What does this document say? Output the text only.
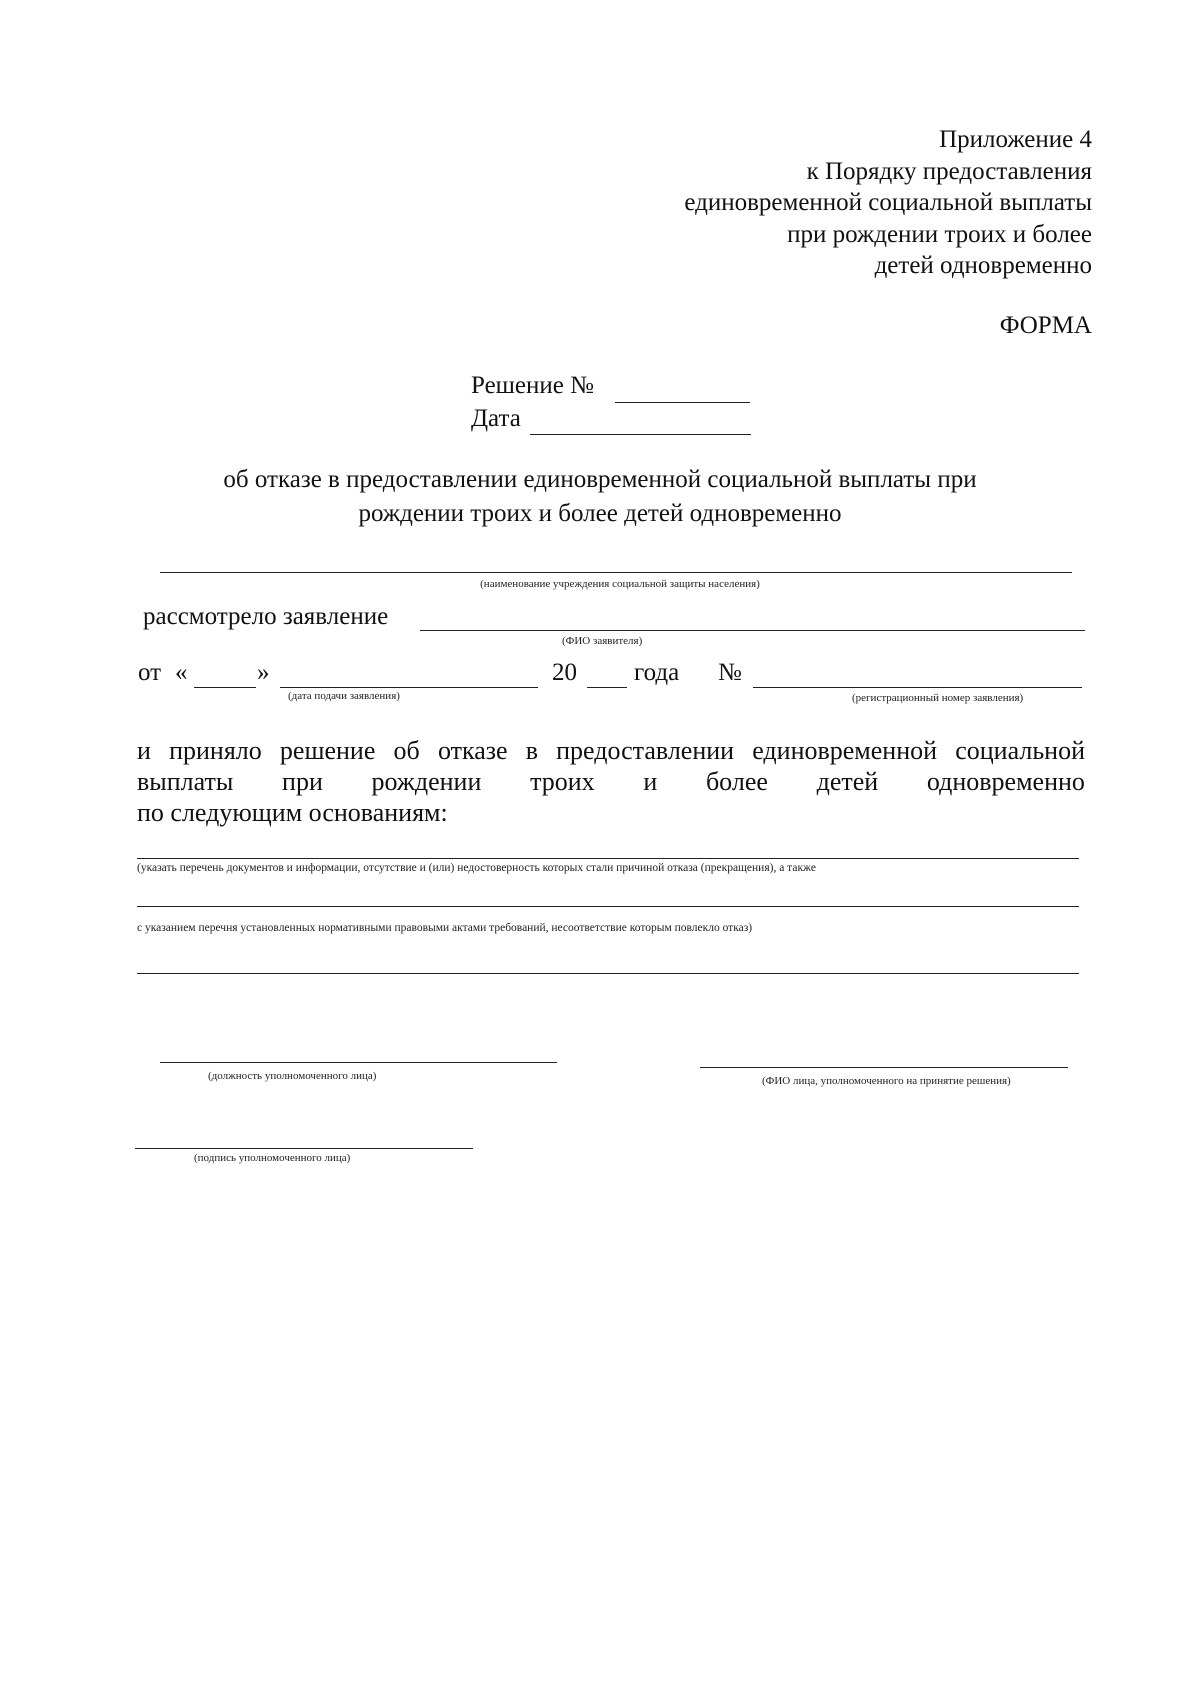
Приложение 4
к Порядку предоставления
единовременной социальной выплаты
при рождении троих и более
детей одновременно
ФОРМА
Решение №
Дата
об отказе в предоставлении единовременной социальной выплаты при
рождении троих и более детей одновременно
(наименование учреждения социальной защиты населения)
рассмотрело заявление
(ФИО заявителя)
от «	»
(дата подачи заявления)
20 года №
(регистрационный номер заявления)
и приняло решение об отказе в предоставлении единовременной социальной
выплаты при рождении троих и более детей одновременно
по следующим основаниям:
(указать перечень документов и информации, отсутствие и (или) недостоверность которых стали причиной отказа (прекращения), а также
с указанием перечня установленных нормативными правовыми актами требований, несоответствие которым повлекло отказ)
(должность уполномоченного лица)	(ФИО лица, уполномоченного на принятие решения)
(подпись уполномоченного лица)
